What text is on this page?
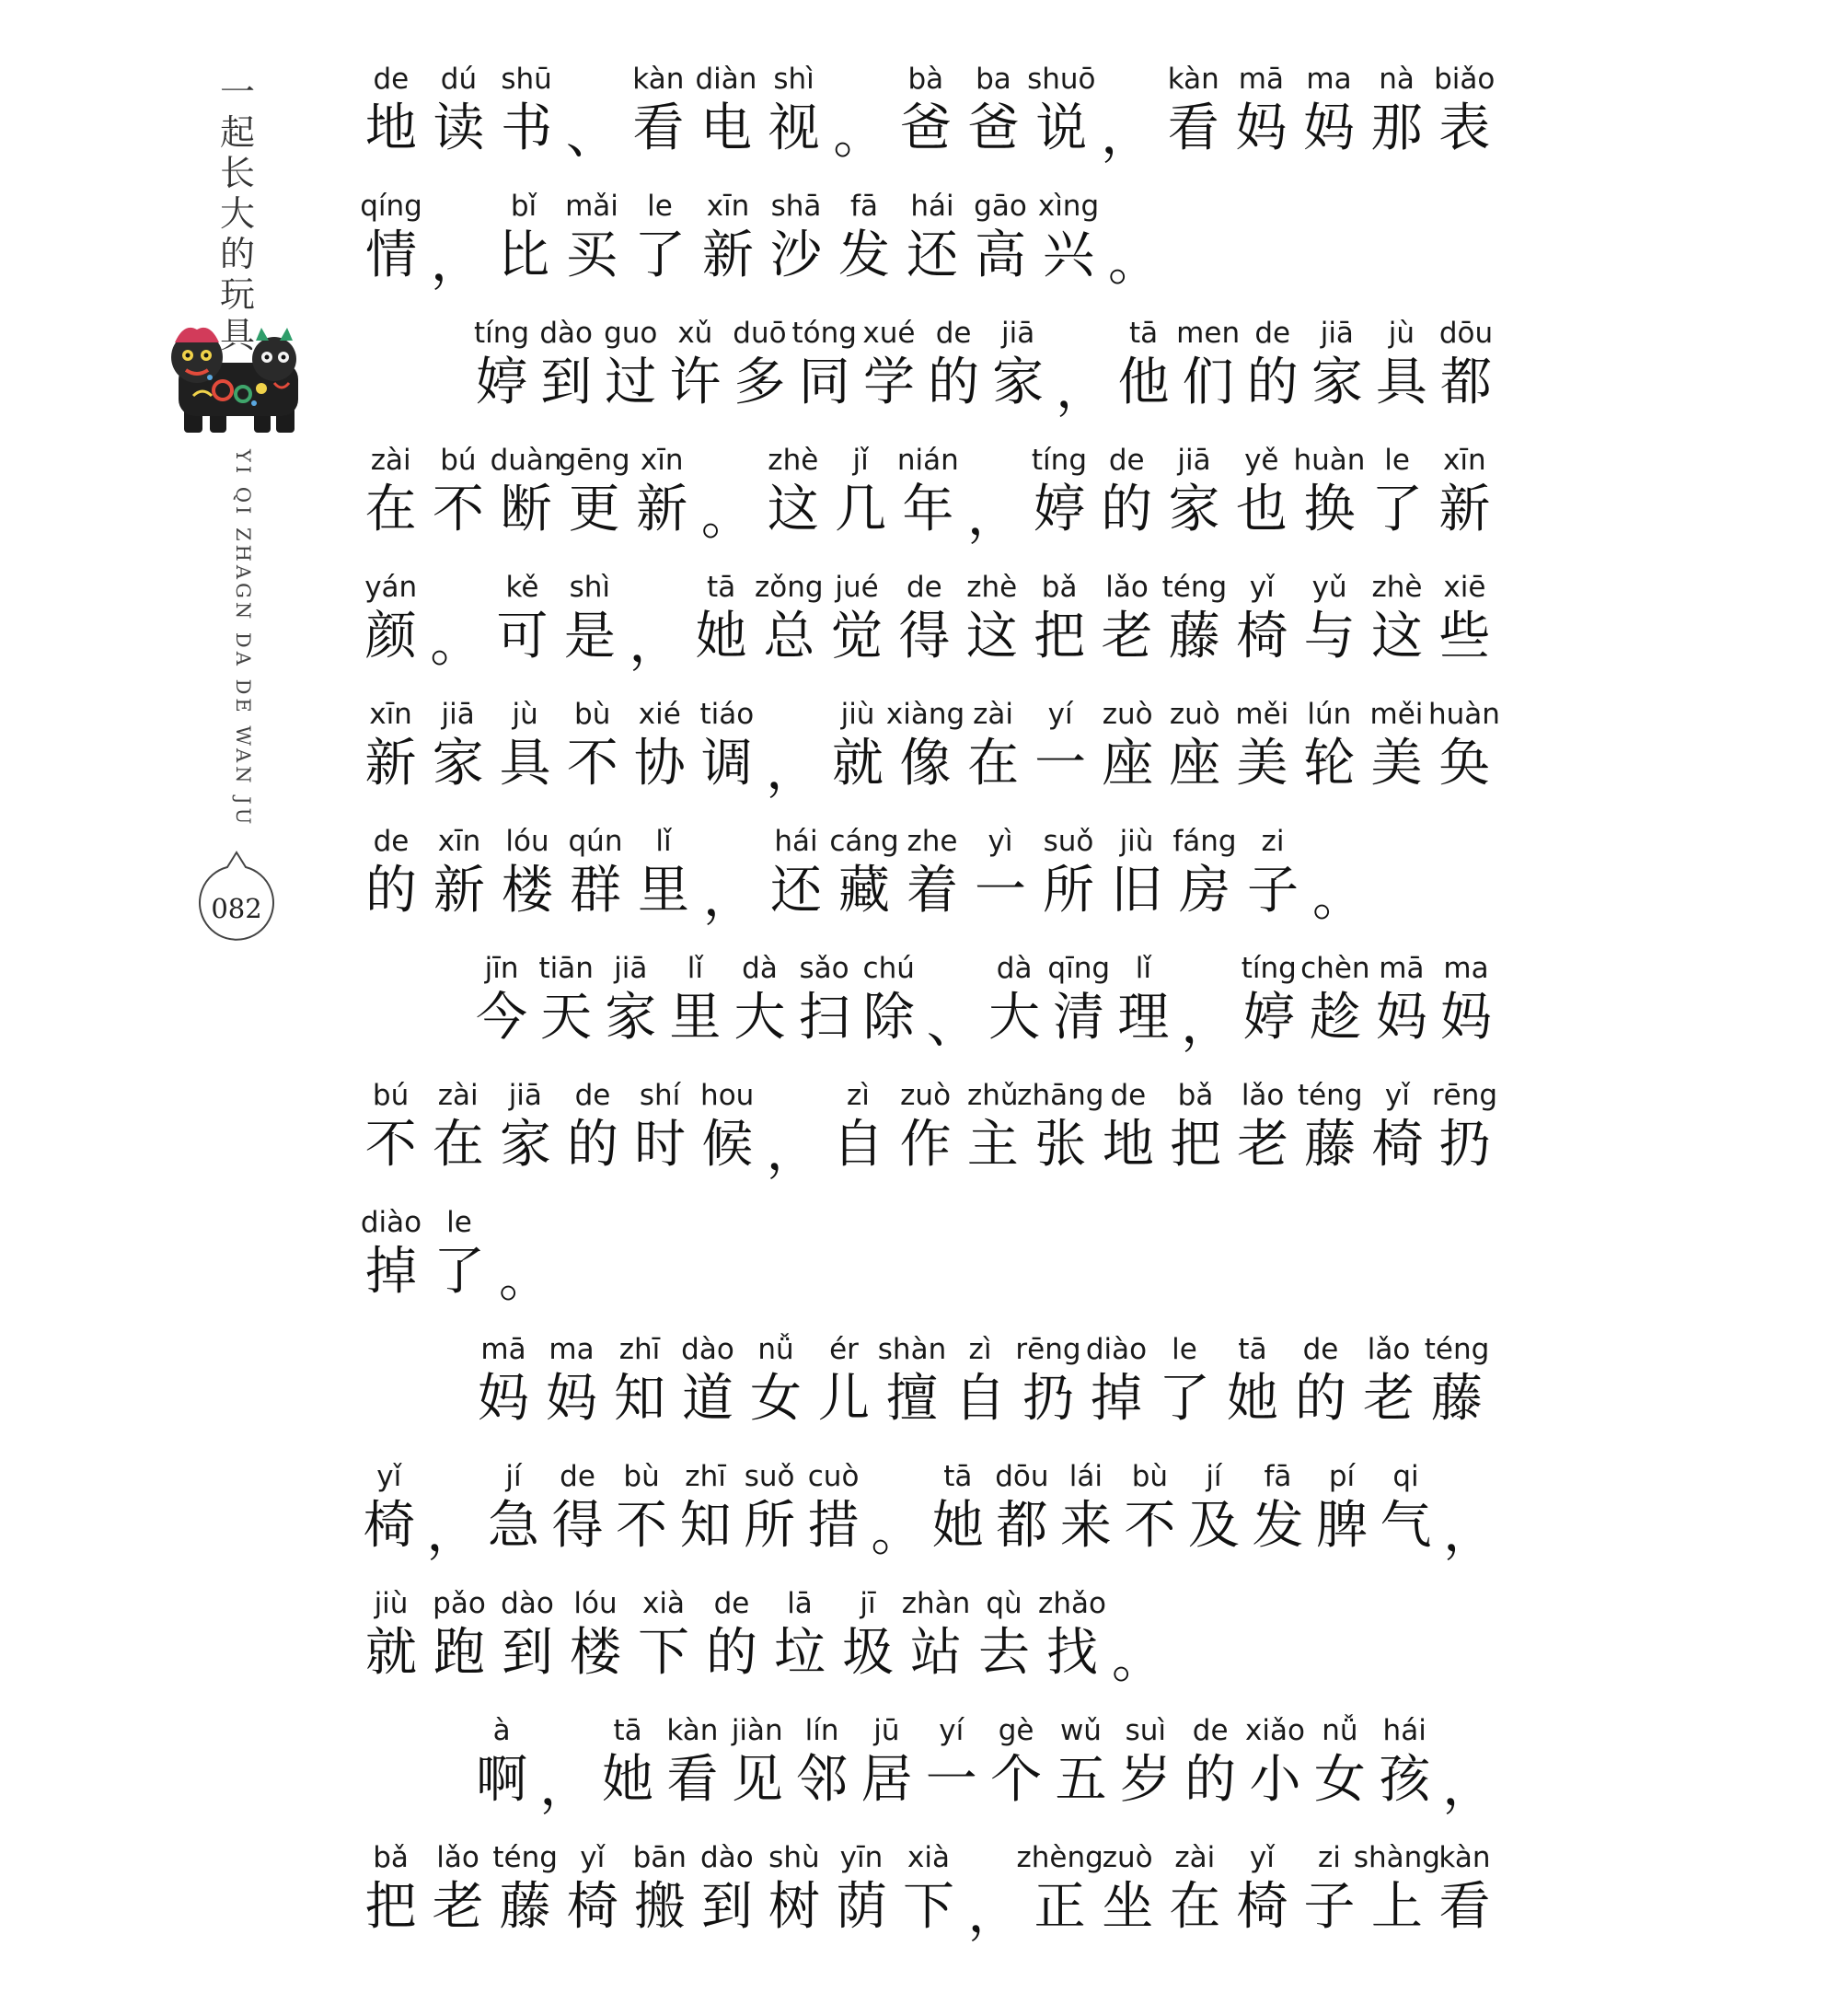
一
起
长
大
的
玩
具
YI QI ZHAGN DA DE WAN JU
082
de
地
dú
读
shū
书 、
kàn
看
diàn
电
shì
视 。
bà
爸
ba
爸
shuō
说 ，
kàn
看
mā
妈
ma
妈
nà
那
biǎo
表
qíng
情 ，
bǐ
比
mǎi
买
le
了
xīn
新
shā
沙
fā
发
hái
还
gāo
高
xìng
兴 。
tíng
婷
dào
到
guo
过
xǔ
许
duō
多
tóng
同
xué
学
de
的
jiā
家 ，
tā
他
men
们
de
的
jiā
家
jù
具
dōu
都
zài
在
bú
不
duàn
断
gēng
更
xīn
新 。
zhè
这
jǐ
几
nián
年 ，
tíng
婷
de
的
jiā
家
yě
也
huàn
换
le
了
xīn
新
yán
颜 。
kě
可
shì
是 ，
tā
她
zǒng
总
jué
觉
de
得
zhè
这
bǎ
把
lǎo
老
téng
藤
yǐ
椅
yǔ
与
zhè
这
xiē
些
xīn
新
jiā
家
jù
具
bù
不
xié
协
tiáo
调 ，
jiù
就
xiàng
像
zài
在
yí
一
zuò
座
zuò
座
měi
美
lún
轮
měi
美
huàn
奂
de
的
xīn
新
lóu
楼
qún
群
lǐ
里 ，
hái
还
cáng
藏
zhe
着
yì
一
suǒ
所
jiù
旧
fáng
房
zi
子 。
jīn
今
tiān
天
jiā
家
lǐ
里
dà
大
sǎo
扫
chú
除 、
dà
大
qīng
清
lǐ
理 ，
tíng
婷
chèn
趁
mā
妈
ma
妈
bú
不
zài
在
jiā
家
de
的
shí
时
hou
候 ，
zì
自
zuò
作
zhǔ
主
zhāng
张
de
地
bǎ
把
lǎo
老
téng
藤
yǐ
椅
rēng
扔
diào
掉
le
了 。
mā
妈
ma
妈
zhī
知
dào
道
nǚ
女
ér
儿
shàn
擅
zì
自
rēng
扔
diào
掉
le
了
tā
她
de
的
lǎo
老
téng
藤
yǐ
椅 ，
jí
急
de
得
bù
不
zhī
知
suǒ
所
cuò
措 。
tā
她
dōu
都
lái
来
bù
不
jí
及
fā
发
pí
脾
qi
气 ，
jiù
就
pǎo
跑
dào
到
lóu
楼
xià
下
de
的
lā
垃
jī
圾
zhàn
站
qù
去
zhǎo
找 。
à
啊 ，
tā
她
kàn
看
jiàn
见
lín
邻
jū
居
yí
一
gè
个
wǔ
五
suì
岁
de
的
xiǎo
小
nǚ
女
hái
孩 ，
bǎ
把
lǎo
老
téng
藤
yǐ
椅
bān
搬
dào
到
shù
树
yīn
荫
xià
下 ，
zhèng
正
zuò
坐
zài
在
yǐ
椅
zi
子
shàng
上
kàn
看
